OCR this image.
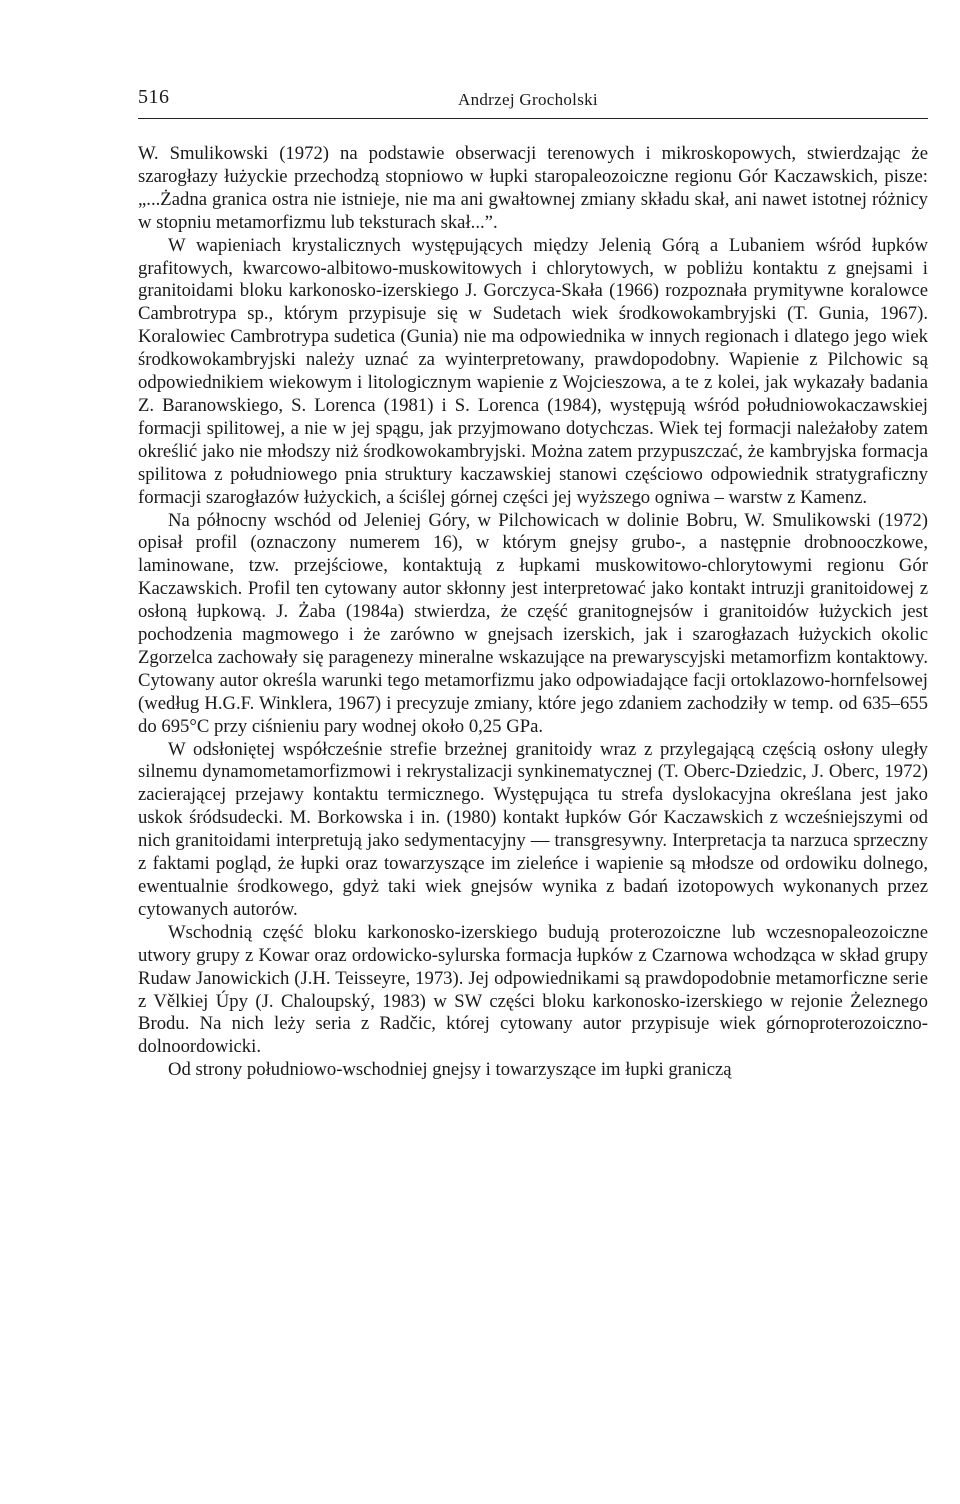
516	Andrzej Grocholski

W. Smulikowski (1972) na podstawie obserwacji terenowych i mikroskopowych, stwierdzając że szarogłazy łużyckie przechodzą stopniowo w łupki staropaleozoiczne regionu Gór Kaczawskich, pisze: „...Żadna granica ostra nie istnieje, nie ma ani gwałtownej zmiany składu skał, ani nawet istotnej różnicy w stopniu metamorfizmu lub teksturach skał...”.

W wapieniach krystalicznych występujących między Jelenią Górą a Lubaniem wśród łupków grafitowych, kwarcowo-albitowo-muskowitowych i chlorytowych, w pobliżu kontaktu z gnejsami i granitoidami bloku karkonosko-izerskiego J. Gorczyca-Skała (1966) rozpoznała prymitywne koralowce Cambrotrypa sp., którym przypisuje się w Sudetach wiek środkowokambryjski (T. Gunia, 1967). Koralowiec Cambrotrypa sudetica (Gunia) nie ma odpowiednika w innych regionach i dlatego jego wiek środkowokambryjski należy uznać za wyinterpretowany, prawdopodobny. Wapienie z Pilchowic są odpowiednikiem wiekowym i litologicznym wapienie z Wojcieszowa, a te z kolei, jak wykazały badania Z. Baranowskiego, S. Lorenca (1981) i S. Lorenca (1984), występują wśród południowokaczawskiej formacji spilitowej, a nie w jej spągu, jak przyjmowano dotychczas. Wiek tej formacji należałoby zatem określić jako nie młodszy niż środkowokambryjski. Można zatem przypuszczać, że kambryjska formacja spilitowa z południowego pnia struktury kaczawskiej stanowi częściowo odpowiednik stratygraficzny formacji szarogłazów łużyckich, a ściślej górnej części jej wyższego ogniwa – warstw z Kamenz.

Na północny wschód od Jeleniej Góry, w Pilchowicach w dolinie Bobru, W. Smulikowski (1972) opisał profil (oznaczony numerem 16), w którym gnejsy grubo-, a następnie drobnooczkowe, laminowane, tzw. przejściowe, kontaktują z łupkami muskowitowo-chlorytowymi regionu Gór Kaczawskich. Profil ten cytowany autor skłonny jest interpretować jako kontakt intruzji granitoidowej z osłoną łupkową. J. Żaba (1984a) stwierdza, że część granitognejsów i granitoidów łużyckich jest pochodzenia magmowego i że zarówno w gnejsach izerskich, jak i szarogłazach łużyckich okolic Zgorzelca zachowały się paragenezy mineralne wskazujące na prewaryscyjski metamorfizm kontaktowy. Cytowany autor określa warunki tego metamorfizmu jako odpowiadające facji ortoklazowo-hornfelsowej (według H.G.F. Winklera, 1967) i precyzuje zmiany, które jego zdaniem zachodziły w temp. od 635–655 do 695°C przy ciśnieniu pary wodnej około 0,25 GPa.

W odsłoniętej współcześnie strefie brzeżnej granitoidy wraz z przylegającą częścią osłony uległy silnemu dynamometamorfizmowi i rekrystalizacji synkinematycznej (T. Oberc-Dziedzic, J. Oberc, 1972) zacierającej przejawy kontaktu termicznego. Występująca tu strefa dyslokacyjna określana jest jako uskok śródsudecki. M. Borkowska i in. (1980) kontakt łupków Gór Kaczawskich z wcześniejszymi od nich granitoidami interpretują jako sedymentacyjny — transgresywny. Interpretacja ta narzuca sprzeczny z faktami pogląd, że łupki oraz towarzyszące im zieleńce i wapienie są młodsze od ordowiku dolnego, ewentualnie środkowego, gdyż taki wiek gnejsów wynika z badań izotopowych wykonanych przez cytowanych autorów.

Wschodnią część bloku karkonosko-izerskiego budują proterozoiczne lub wczesnopaleozoiczne utwory grupy z Kowar oraz ordowicko-sylurska formacja łupków z Czarnowa wchodząca w skład grupy Rudaw Janowickich (J.H. Teisseyre, 1973). Jej odpowiednikami są prawdopodobnie metamorficzne serie z Vělkiej Úpy (J. Chaloupský, 1983) w SW części bloku karkonosko-izerskiego w rejonie Żeleznego Brodu. Na nich leży seria z Radčic, której cytowany autor przypisuje wiek górnoproterozoiczno-dolnoordowicki.

Od strony południowo-wschodniej gnejsy i towarzyszące im łupki graniczą
